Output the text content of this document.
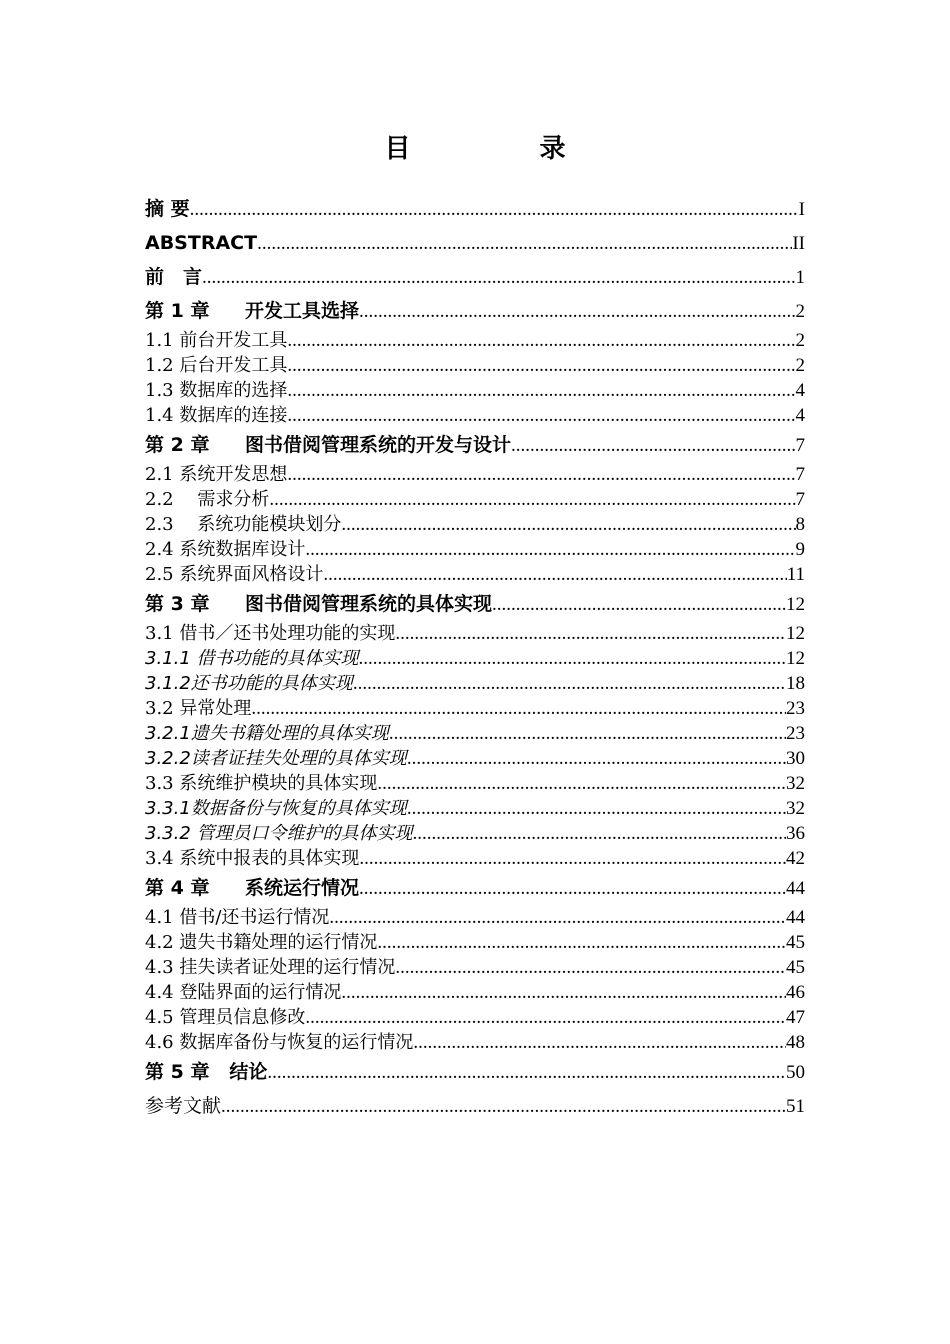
目 录
摘 要 .....	I
ABSTRACT .....	II
前　言 .....	1
第 1 章 开发工具选择 .....	2
1.1 前台开发工具 .....	2
1.2 后台开发工具 .....	2
1.3 数据库的选择 .....	4
1.4 数据库的连接 .....	4
第 2 章 图书借阅管理系统的开发与设计 .....	7
2.1 系统开发思想 .....	7
2.2　 需求分析 .....	7
2.3　 系统功能模块划分 .....	8
2.4 系统数据库设计 .....	9
2.5 系统界面风格设计 .....	11
第 3 章 图书借阅管理系统的具体实现 .....	12
3.1 借书／还书处理功能的实现 .....	12
3.1.1 借书功能的具体实现 .....	12
3.1.2还书功能的具体实现 .....	18
3.2 异常处理 .....	23
3.2.1遗失书籍处理的具体实现 .....	23
3.2.2读者证挂失处理的具体实现 .....	30
3.3 系统维护模块的具体实现 .....	32
3.3.1数据备份与恢复的具体实现 .....	32
3.3.2 管理员口令维护的具体实现 .....	36
3.4 系统中报表的具体实现 .....	42
第 4 章 系统运行情况 .....	44
4.1 借书/还书运行情况 .....	44
4.2 遗失书籍处理的运行情况 .....	45
4.3 挂失读者证处理的运行情况 .....	45
4.4 登陆界面的运行情况 .....	46
4.5 管理员信息修改 .....	47
4.6 数据库备份与恢复的运行情况 .....	48
第 5 章 结论 .....	50
参考文献 .....	51
